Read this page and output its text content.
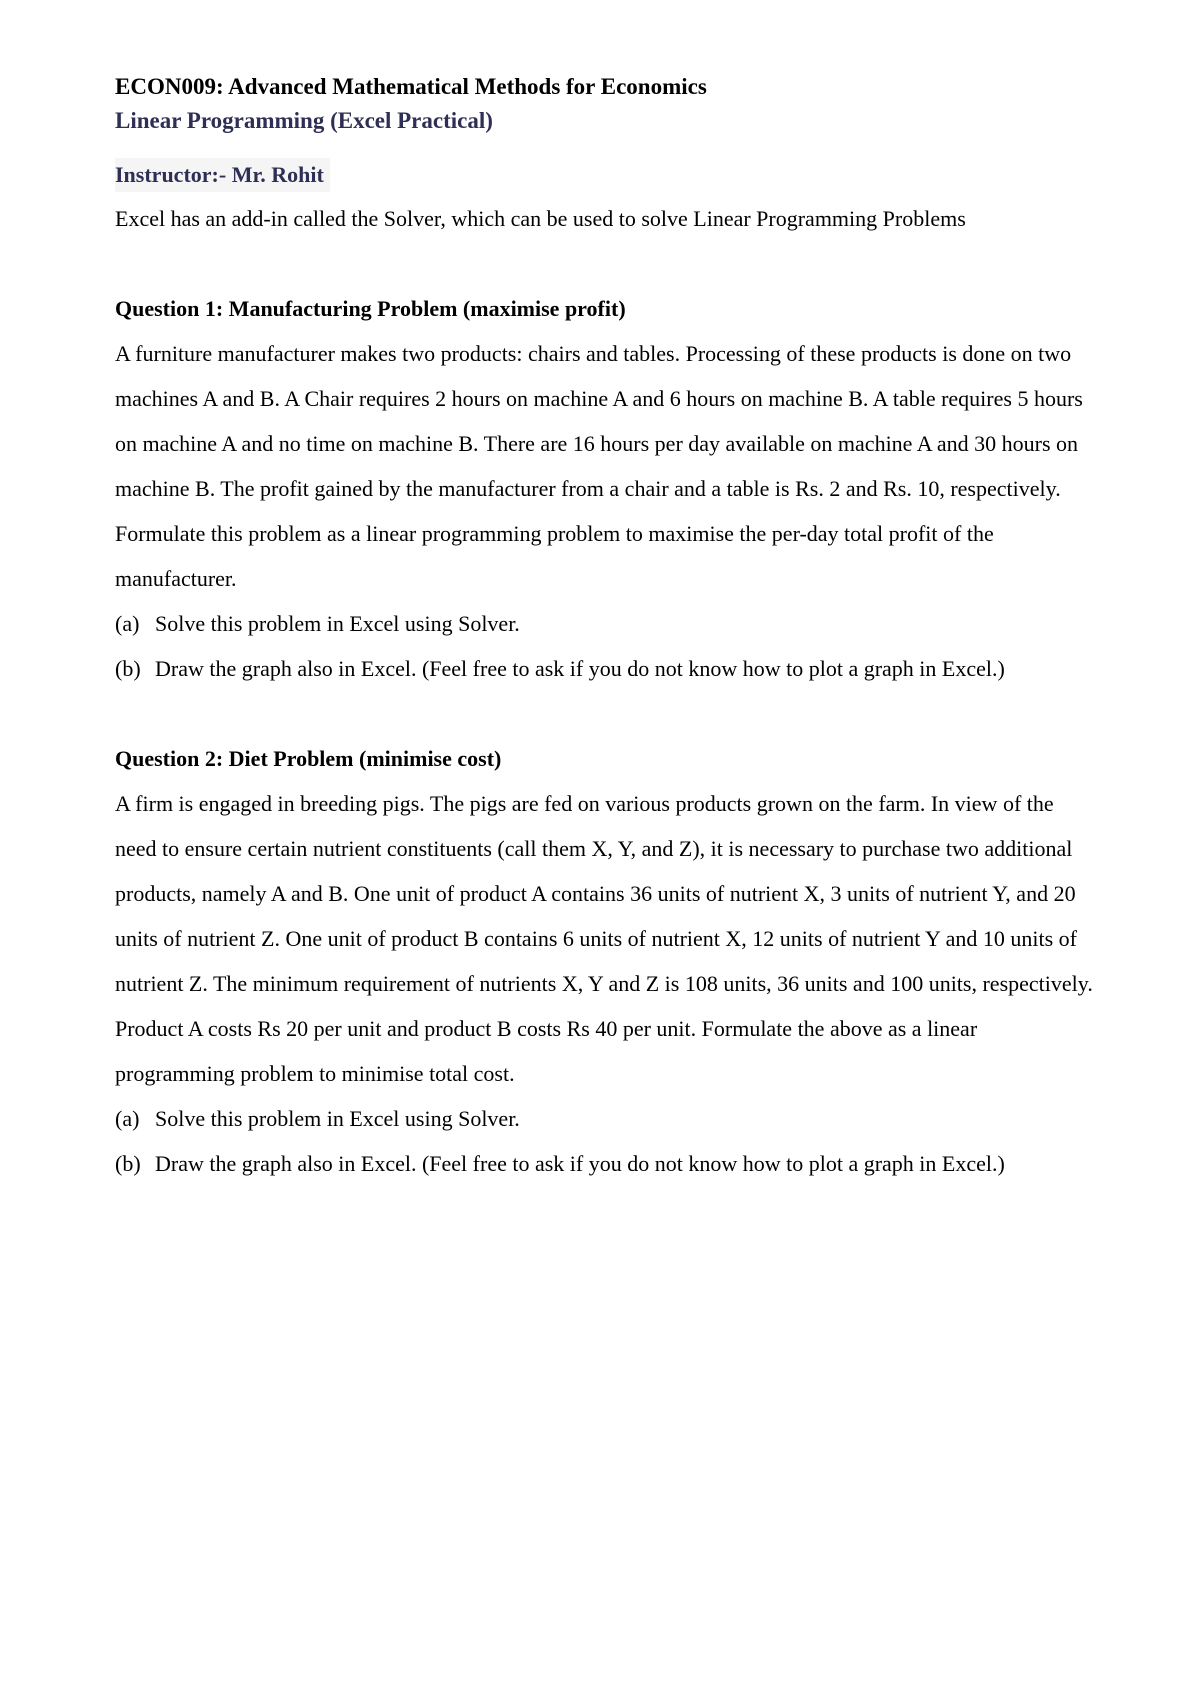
ECON009: Advanced Mathematical Methods for Economics
Linear Programming (Excel Practical)
Instructor:- Mr. Rohit
Excel has an add-in called the Solver, which can be used to solve Linear Programming Problems
Question 1: Manufacturing Problem (maximise profit)
A furniture manufacturer makes two products: chairs and tables. Processing of these products is done on two machines A and B. A Chair requires 2 hours on machine A and 6 hours on machine B. A table requires 5 hours on machine A and no time on machine B. There are 16 hours per day available on machine A and 30 hours on machine B. The profit gained by the manufacturer from a chair and a table is Rs. 2 and Rs. 10, respectively. Formulate this problem as a linear programming problem to maximise the per-day total profit of the manufacturer.
(a) Solve this problem in Excel using Solver.
(b) Draw the graph also in Excel. (Feel free to ask if you do not know how to plot a graph in Excel.)
Question 2: Diet Problem (minimise cost)
A firm is engaged in breeding pigs. The pigs are fed on various products grown on the farm. In view of the need to ensure certain nutrient constituents (call them X, Y, and Z), it is necessary to purchase two additional products, namely A and B. One unit of product A contains 36 units of nutrient X, 3 units of nutrient Y, and 20 units of nutrient Z. One unit of product B contains 6 units of nutrient X, 12 units of nutrient Y and 10 units of nutrient Z. The minimum requirement of nutrients X, Y and Z is 108 units, 36 units and 100 units, respectively. Product A costs Rs 20 per unit and product B costs Rs 40 per unit. Formulate the above as a linear programming problem to minimise total cost.
(a) Solve this problem in Excel using Solver.
(b) Draw the graph also in Excel. (Feel free to ask if you do not know how to plot a graph in Excel.)
